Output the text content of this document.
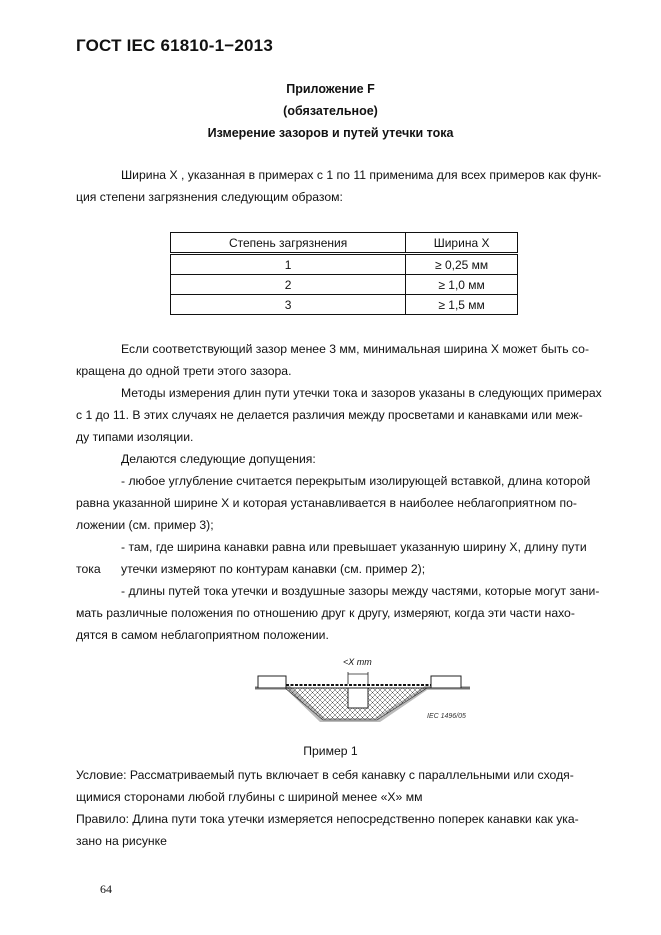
ГОСТ IEC 61810-1−2013
Приложение F
(обязательное)
Измерение зазоров и путей утечки тока
Ширина X , указанная в примерах с 1 по 11 применима для всех примеров как функ-
ция степени загрязнения следующим образом:
Степень загрязнения	Ширина X
1	≥ 0,25 мм
2	≥ 1,0 мм
3	≥ 1,5 мм
Если соответствующий зазор менее 3 мм, минимальная ширина X может быть со-
кращена до одной трети этого зазора.
Методы измерения длин пути утечки тока и зазоров указаны в следующих примерах
с 1 до 11. В этих случаях не делается различия между просветами и канавками или меж-
ду типами изоляции.
Делаются следующие допущения:
- любое углубление считается перекрытым изолирующей вставкой, длина которой
равна указанной ширине X и которая устанавливается в наиболее неблагоприятном по-
ложении (см. пример 3);
- там, где ширина канавки равна или превышает указанную ширину X, длину пути
тока утечки измеряют по контурам канавки (см. пример 2);
- длины путей тока утечки и воздушные зазоры между частями, которые могут зани-
мать различные положения по отношению друг к другу, измеряют, когда эти части нахо-
дятся в самом неблагоприятном положении.
<X mm
IEC 1496/05
Пример 1
Условие: Рассматриваемый путь включает в себя канавку с параллельными или сходя-
щимися сторонами любой глубины с шириной менее «X» мм
Правило: Длина пути тока утечки измеряется непосредственно поперек канавки как ука-
зано на рисунке
64
